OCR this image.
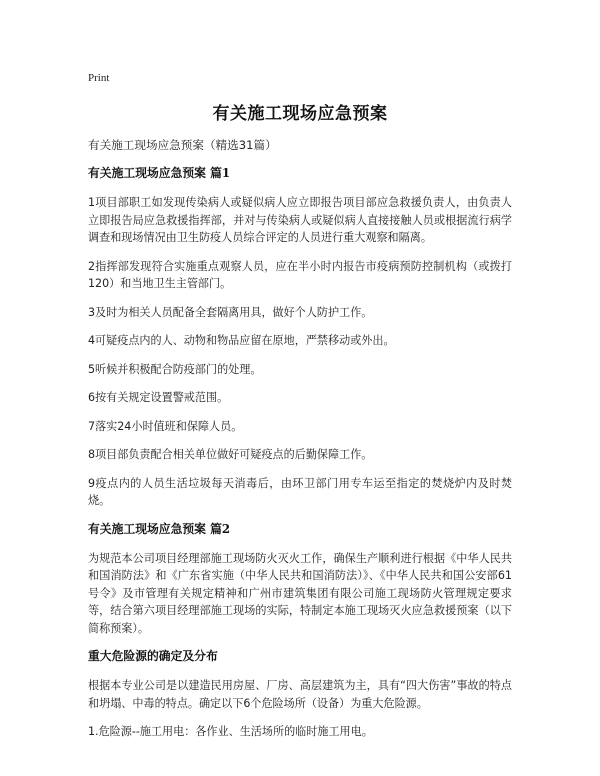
Print
有关施工现场应急预案
有关施工现场应急预案（精选31篇）
有关施工现场应急预案 篇1

1项目部职工如发现传染病人或疑似病人应立即报告项目部应急救援负责人，由负责人立即报告局应急救援指挥部，并对与传染病人或疑似病人直接接触人员或根据流行病学调查和现场情况由卫生防疫人员综合评定的人员进行重大观察和隔离。

2指挥部发现符合实施重点观察人员，应在半小时内报告市疫病预防控制机构（或拨打120）和当地卫生主管部门。

3及时为相关人员配备全套隔离用具，做好个人防护工作。

4可疑疫点内的人、动物和物品应留在原地，严禁移动或外出。

5听候并积极配合防疫部门的处理。

6按有关规定设置警戒范围。

7落实24小时值班和保障人员。

8项目部负责配合相关单位做好可疑疫点的后勤保障工作。

9疫点内的人员生活垃圾每天消毒后，由环卫部门用专车运至指定的焚烧炉内及时焚烧。

有关施工现场应急预案 篇2

为规范本公司项目经理部施工现场防火灭火工作，确保生产顺利进行根据《中华人民共和国消防法》和《广东省实施（中华人民共和国消防法）》、《中华人民共和国公安部61号令》及市管理有关规定精神和广州市建筑集团有限公司施工现场防火管理规定要求等，结合第六项目经理部施工现场的实际，特制定本施工现场灭火应急救援预案（以下简称预案）。

重大危险源的确定及分布

根据本专业公司是以建造民用房屋、厂房、高层建筑为主，具有“四大伤害”事故的特点和坍塌、中毒的特点。确定以下6个危险场所（设备）为重大危险源。

1.危险源--施工用电：各作业、生活场所的临时施工用电。
